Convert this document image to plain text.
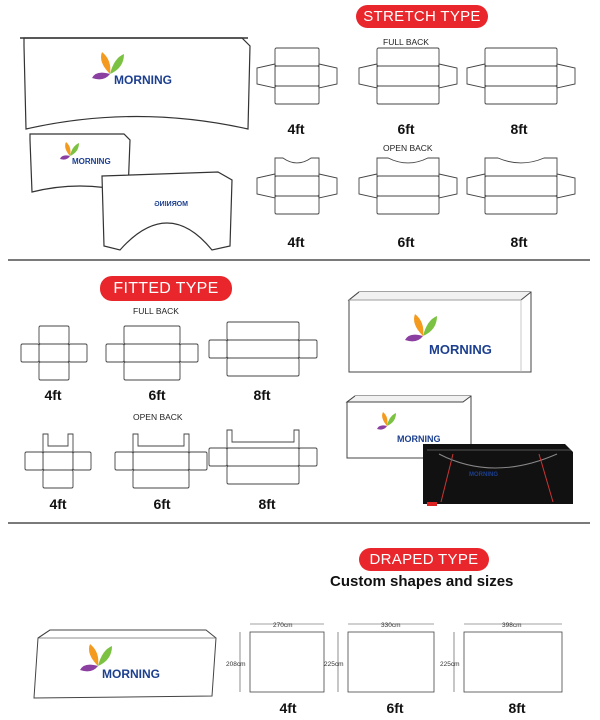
STRETCH TYPE
FULL BACK
OPEN BACK
MORNING
MORNING
MORNING
4ft	6ft	8ft
4ft	6ft	8ft
FITTED TYPE
FULL BACK
OPEN BACK
4ft	6ft	8ft
4ft	6ft	8ft
MORNING
MORNING
MORNING
DRAPED TYPE
Custom shapes and sizes
MORNING
270cm
208cm
330cm
225cm
398cm
225cm
4ft	6ft	8ft
